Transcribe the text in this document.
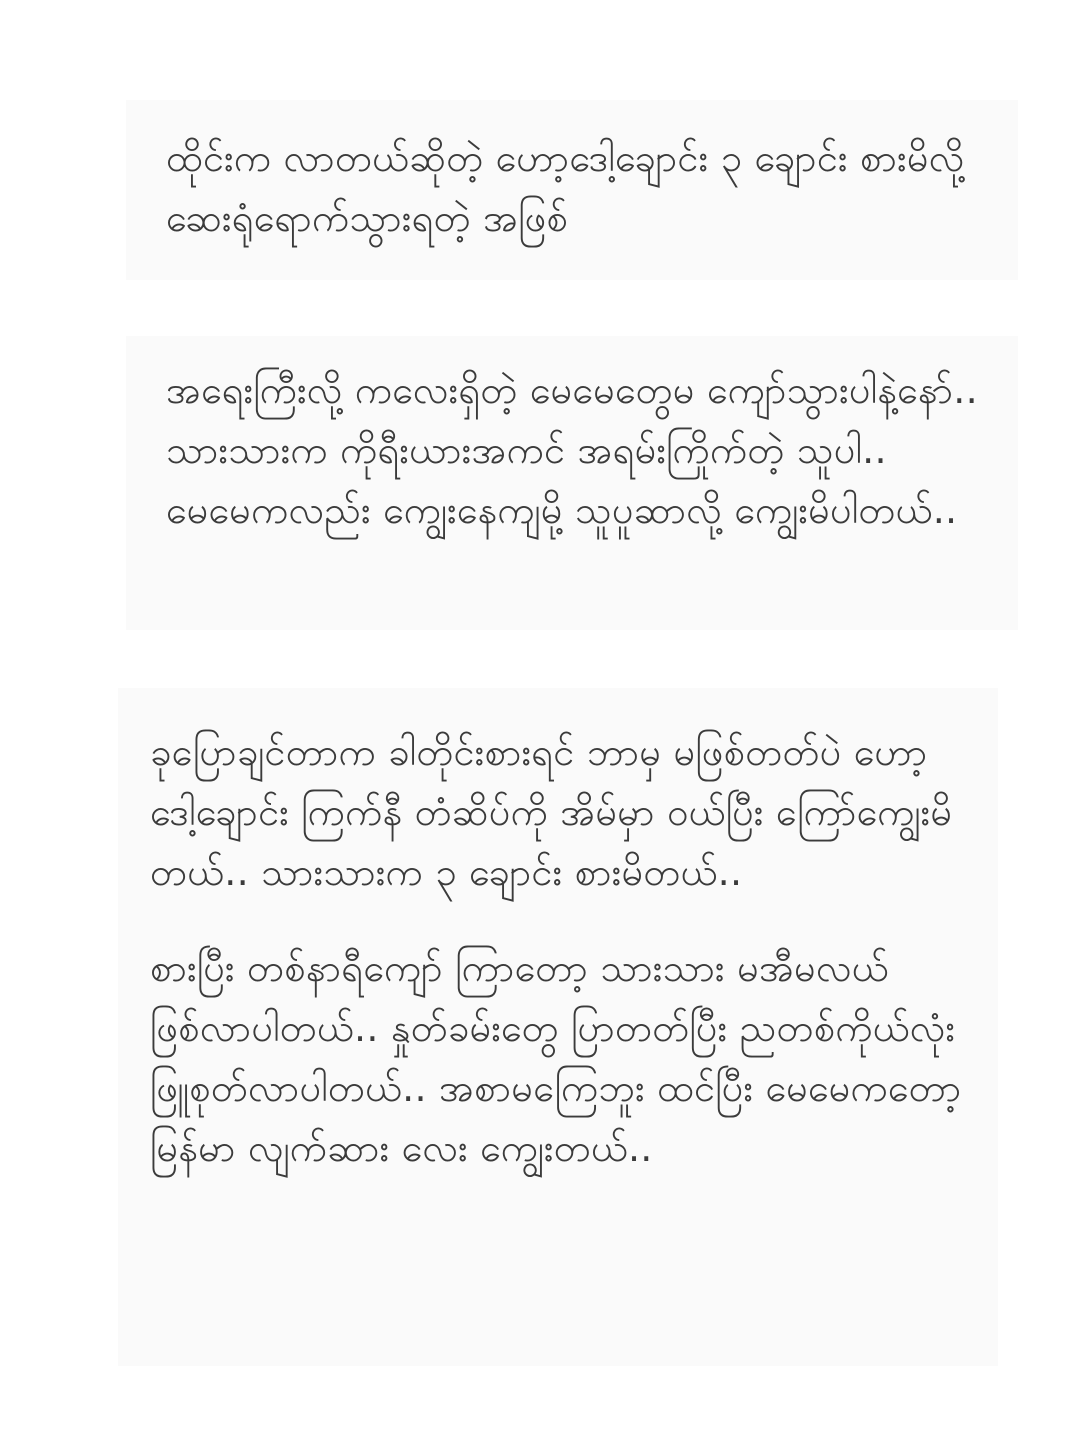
ထိုင်းက လာတယ်ဆိုတဲ့ ဟော့ဒေါ့ချောင်း ၃ ချောင်း စားမိလို့ ဆေးရုံရောက်သွားရတဲ့ အဖြစ်

အရေးကြီးလို့ ကလေးရှိတဲ့ မေမေတွေမ ကျော်သွားပါနဲ့နော်.. သားသားက ကိုရီးယားအကင် အရမ်းကြိုက်တဲ့ သူပါ.. မေမေကလည်း ကျွေးနေကျမို့ သူပူဆာလို့ ကျွေးမိပါတယ်..

ခုပြောချင်တာက ခါတိုင်းစားရင် ဘာမှ မဖြစ်တတ်ပဲ ဟော့ဒေါ့ချောင်း ကြက်နီ တံဆိပ်ကို အိမ်မှာ ဝယ်ပြီး ကြော်ကျွေးမိတယ်.. သားသားက ၃ ချောင်း စားမိတယ်..

စားပြီး တစ်နာရီကျော် ကြာတော့ သားသား မအီမလယ် ဖြစ်လာပါတယ်.. နှုတ်ခမ်းတွေ ပြာတတ်ပြီး ညတစ်ကိုယ်လုံး ဖြူစုတ်လာပါတယ်.. အစာမကြေဘူး ထင်ပြီး မေမေကတော့ မြန်မာ လျက်ဆား လေး ကျွေးတယ်..
